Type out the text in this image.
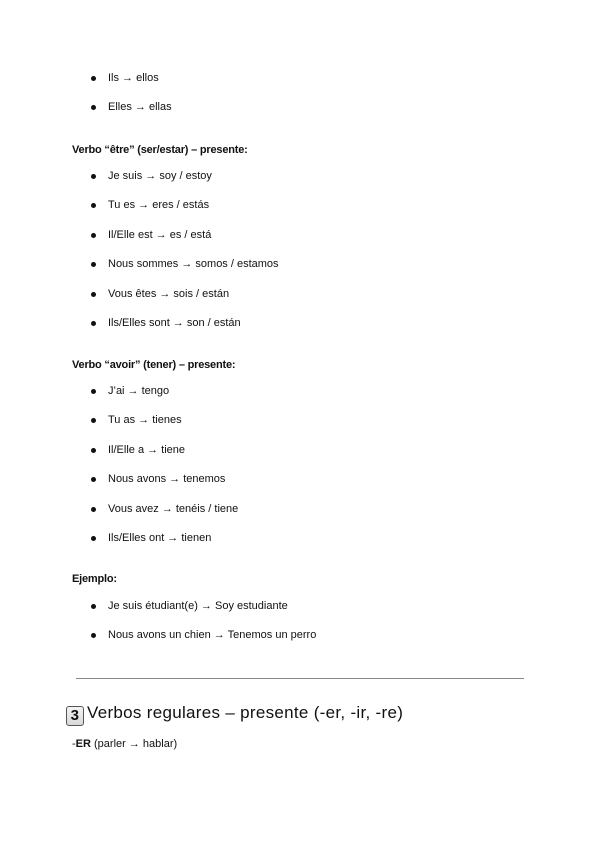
Ils → ellos
Elles → ellas
Verbo “être” (ser/estar) – presente:
Je suis → soy / estoy
Tu es → eres / estás
Il/Elle est → es / está
Nous sommes → somos / estamos
Vous êtes → sois / están
Ils/Elles sont → son / están
Verbo “avoir” (tener) – presente:
J’ai → tengo
Tu as → tienes
Il/Elle a → tiene
Nous avons → tenemos
Vous avez → tenéis / tiene
Ils/Elles ont → tienen
Ejemplo:
Je suis étudiant(e) → Soy estudiante
Nous avons un chien → Tenemos un perro
3 Verbos regulares – presente (-er, -ir, -re)
-ER (parler → hablar)
